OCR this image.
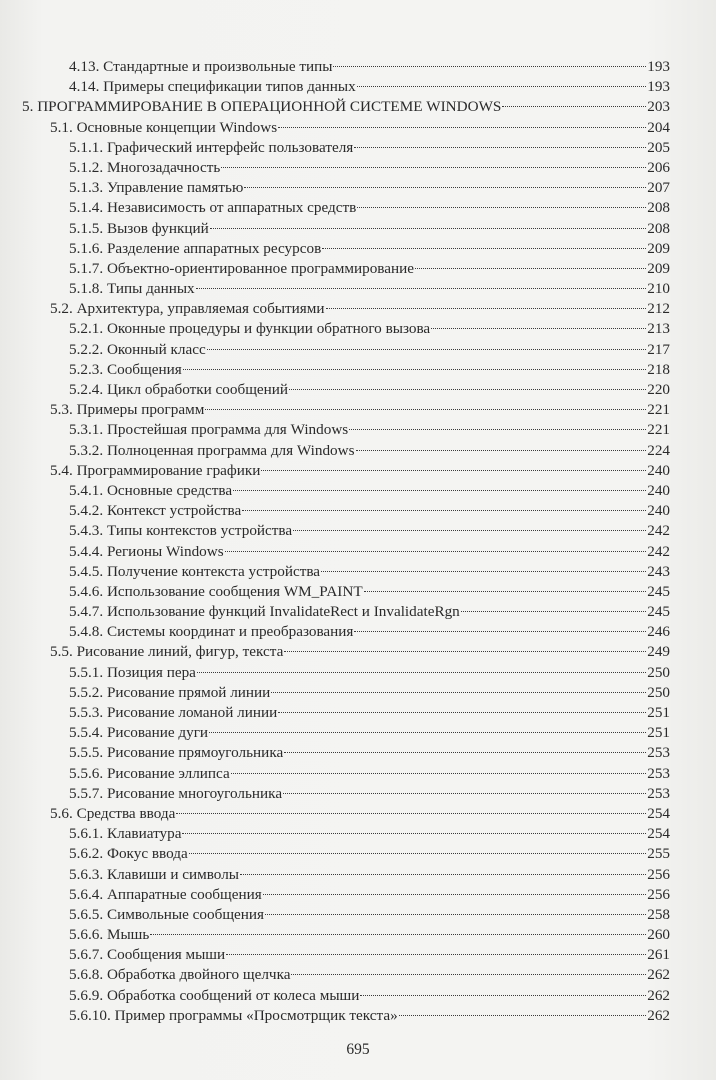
4.13. Стандартные и произвольные типы	193
4.14. Примеры спецификации типов данных	193
5. ПРОГРАММИРОВАНИЕ В ОПЕРАЦИОННОЙ СИСТЕМЕ WINDOWS	203
5.1. Основные концепции Windows	204
5.1.1. Графический интерфейс пользователя	205
5.1.2. Многозадачность	206
5.1.3. Управление памятью	207
5.1.4. Независимость от аппаратных средств	208
5.1.5. Вызов функций	208
5.1.6. Разделение аппаратных ресурсов	209
5.1.7. Объектно-ориентированное программирование	209
5.1.8. Типы данных	210
5.2. Архитектура, управляемая событиями	212
5.2.1. Оконные процедуры и функции обратного вызова	213
5.2.2. Оконный класс	217
5.2.3. Сообщения	218
5.2.4. Цикл обработки сообщений	220
5.3. Примеры программ	221
5.3.1. Простейшая программа для Windows	221
5.3.2. Полноценная программа для Windows	224
5.4. Программирование графики	240
5.4.1. Основные средства	240
5.4.2. Контекст устройства	240
5.4.3. Типы контекстов устройства	242
5.4.4. Регионы Windows	242
5.4.5. Получение контекста устройства	243
5.4.6. Использование сообщения WM_PAINT	245
5.4.7. Использование функций InvalidateRect и InvalidateRgn	245
5.4.8. Системы координат и преобразования	246
5.5. Рисование линий, фигур, текста	249
5.5.1. Позиция пера	250
5.5.2. Рисование прямой линии	250
5.5.3. Рисование ломаной линии	251
5.5.4. Рисование дуги	251
5.5.5. Рисование прямоугольника	253
5.5.6. Рисование эллипса	253
5.5.7. Рисование многоугольника	253
5.6. Средства ввода	254
5.6.1. Клавиатура	254
5.6.2. Фокус ввода	255
5.6.3. Клавиши и символы	256
5.6.4. Аппаратные сообщения	256
5.6.5. Символьные сообщения	258
5.6.6. Мышь	260
5.6.7. Сообщения мыши	261
5.6.8. Обработка двойного щелчка	262
5.6.9. Обработка сообщений от колеса мыши	262
5.6.10. Пример программы «Просмотрщик текста»	262
695
